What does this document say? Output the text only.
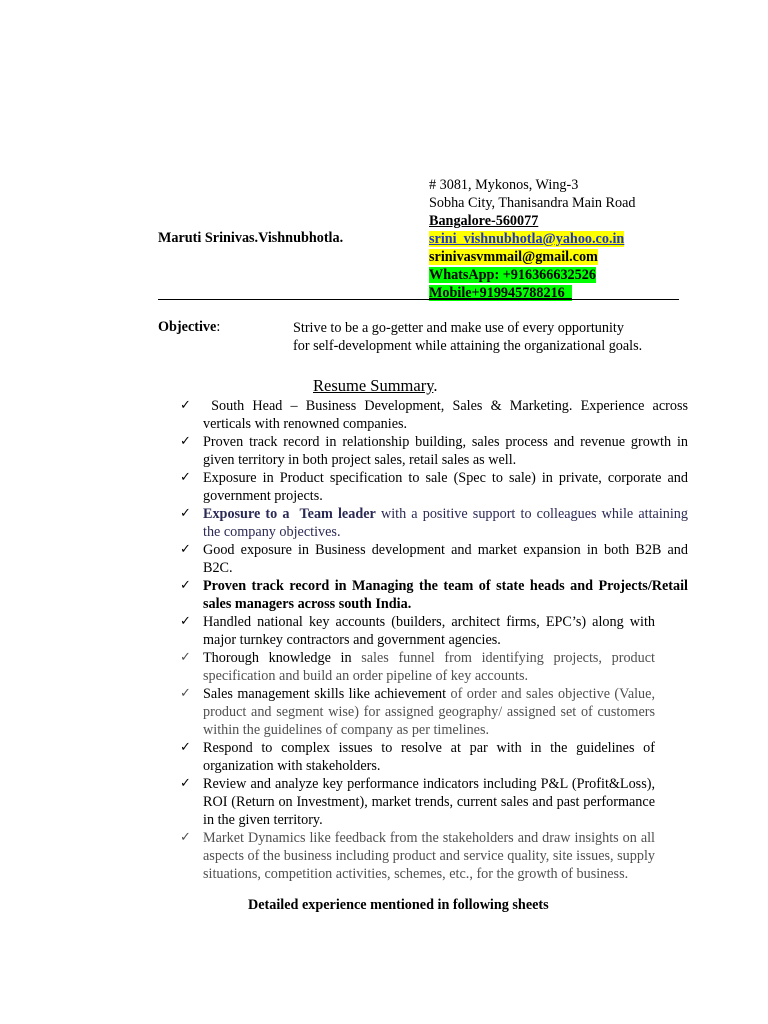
# 3081, Mykonos, Wing-3
Sobha City, Thanisandra Main Road
Bangalore-560077
srini_vishnubhotla@yahoo.co.in
srinivasvmmail@gmail.com
WhatsApp: +916366632526
Mobile+919945788216
Maruti Srinivas.Vishnubhotla.
Objective:	Strive to be a go-getter and make use of every opportunity
for self-development while attaining the organizational goals.
Resume Summary.
✓ South Head – Business Development, Sales & Marketing. Experience across verticals with renowned companies.
✓ Proven track record in relationship building, sales process and revenue growth in given territory in both project sales, retail sales as well.
✓ Exposure in Product specification to sale (Spec to sale) in private, corporate and government projects.
✓ Exposure to a  Team leader with a positive support to colleagues while attaining the company objectives.
✓ Good exposure in Business development and market expansion in both B2B and B2C.
✓ Proven track record in Managing the team of state heads and Projects/Retail sales managers across south India.
✓ Handled national key accounts (builders, architect firms, EPC’s) along with major turnkey contractors and government agencies.
✓ Thorough knowledge in sales funnel from identifying projects, product specification and build an order pipeline of key accounts.
✓ Sales management skills like achievement of order and sales objective (Value, product and segment wise) for assigned geography/ assigned set of customers within the guidelines of company as per timelines.
✓ Respond to complex issues to resolve at par with in the guidelines of organization with stakeholders.
✓ Review and analyze key performance indicators including P&L (Profit&Loss), ROI (Return on Investment), market trends, current sales and past performance in the given territory.
✓ Market Dynamics like feedback from the stakeholders and draw insights on all aspects of the business including product and service quality, site issues, supply situations, competition activities, schemes, etc., for the growth of business.
Detailed experience mentioned in following sheets
